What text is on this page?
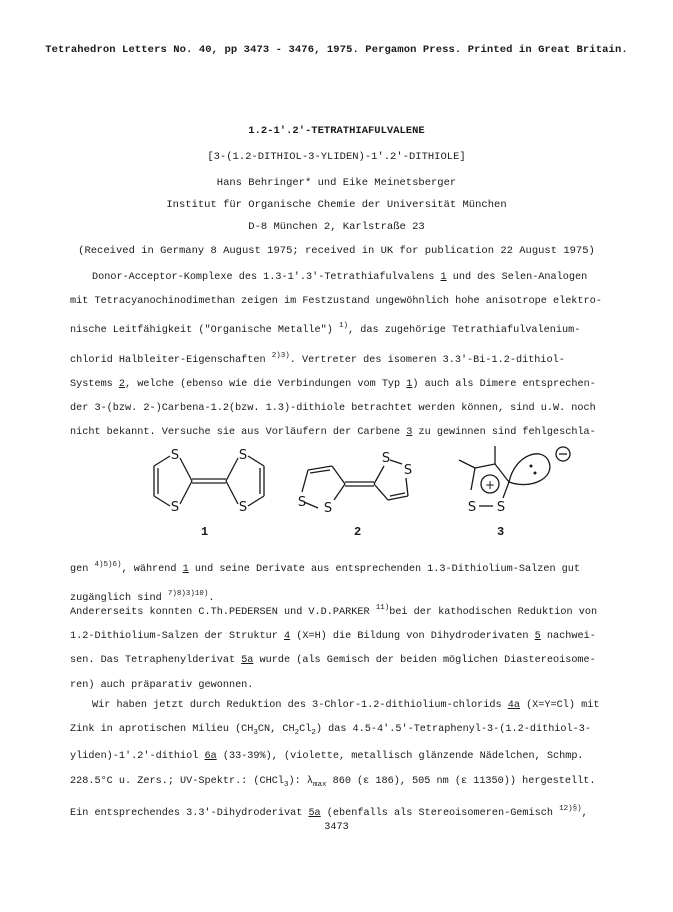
Tetrahedron Letters No. 40, pp 3473 - 3476, 1975. Pergamon Press. Printed in Great Britain.
1.2-1'.2'-TETRATHIAFULVALENE
[3-(1.2-DITHIOL-3-YLIDEN)-1'.2'-DITHIOLE]
Hans Behringer* und Eike Meinetsberger
Institut für Organische Chemie der Universität München
D-8 München 2, Karlstraße 23
(Received in Germany 8 August 1975; received in UK for publication 22 August 1975)
Donor-Acceptor-Komplexe des 1.3-1'.3'-Tetrathiafulvalens 1 und des Selen-Analogen
mit Tetracyanochinodimethan zeigen im Festzustand ungewöhnlich hohe anisotrope elektro-
nische Leitfähigkeit ("Organische Metalle") $^{1)}$, das zugehörige Tetrathiafulvalenium-
chlorid Halbleiter-Eigenschaften $^{2)3)}$. Vertreter des isomeren 3.3'-Bi-1.2-dithiol-
Systems 2, welche (ebenso wie die Verbindungen vom Typ 1) auch als Dimere entsprechen-
der 3-(bzw. 2-)Carbena-1.2(bzw. 1.3)-dithiole betrachtet werden können, sind u.W. noch
nicht bekannt. Versuche sie aus Vorläufern der Carbene 3 zu gewinnen sind fehlgeschla-
S
S
S
S
1
S S
S
S
2
+
S S
3
gen $^{4)5)6)}$, während 1 und seine Derivate aus entsprechenden 1.3-Dithiolium-Salzen gut
zugänglich sind $^{7)8)3)10)}$.
Andererseits konnten C.Th.PEDERSEN und V.D.PARKER $^{11)}$bei der kathodischen Reduktion von
1.2-Dithiolium-Salzen der Struktur 4 (X=H) die Bildung von Dihydroderivaten 5 nachwei-
sen. Das Tetraphenylderivat 5a wurde (als Gemisch der beiden möglichen Diastereoisome-
ren) auch präparativ gewonnen.
Wir haben jetzt durch Reduktion des 3-Chlor-1.2-dithiolium-chlorids 4a (X=Y=Cl) mit
Zink in aprotischen Milieu ($CH_3CN$, $CH_2Cl_2$) das 4.5-4'.5'-Tetraphenyl-3-(1.2-dithiol-3-
yliden)-1'.2'-dithiol 6a (33-39%), (violette, metallisch glänzende Nädelchen, Schmp.
228.5°C u. Zers.; UV-Spektr.: (CHCl$_3$): $\lambda_{max}$ 860 (ε 186), 505 nm (ε 11350)) hergestellt.
Ein entsprechendes 3.3'-Dihydroderivat 5a (ebenfalls als Stereoisomeren-Gemisch $^{12)\S)}$,
3473
